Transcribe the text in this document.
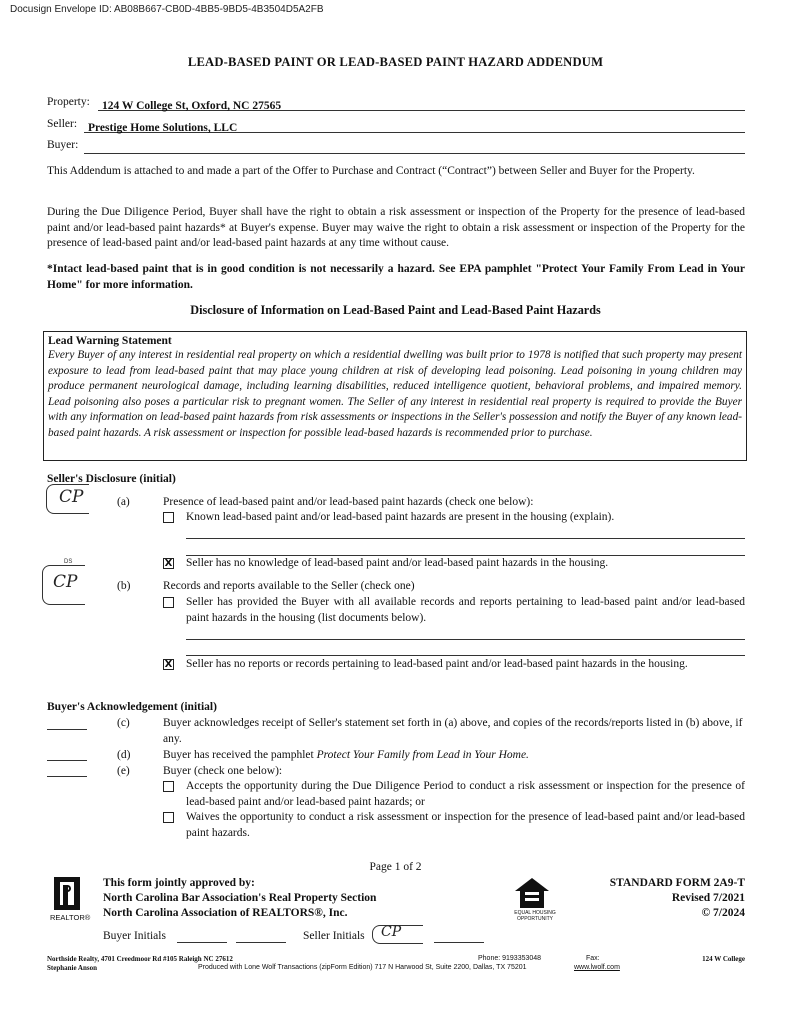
Docusign Envelope ID: AB08B667-CB0D-4BB5-9BD5-4B3504D5A2FB
LEAD-BASED PAINT OR LEAD-BASED PAINT HAZARD ADDENDUM
Property:	124 W College St, Oxford, NC 27565
Seller: Prestige Home Solutions, LLC
Buyer:
This Addendum is attached to and made a part of the Offer to Purchase and Contract (“Contract”) between Seller and Buyer for the Property.
During the Due Diligence Period, Buyer shall have the right to obtain a risk assessment or inspection of the Property for the presence of lead-based paint and/or lead-based paint hazards* at Buyer's expense. Buyer may waive the right to obtain a risk assessment or inspection of the Property for the presence of lead-based paint and/or lead-based paint hazards at any time without cause.
*Intact lead-based paint that is in good condition is not necessarily a hazard. See EPA pamphlet "Protect Your Family From Lead in Your Home" for more information.
Disclosure of Information on Lead-Based Paint and Lead-Based Paint Hazards
Lead Warning Statement
Every Buyer of any interest in residential real property on which a residential dwelling was built prior to 1978 is notified that such property may present exposure to lead from lead-based paint that may place young children at risk of developing lead poisoning. Lead poisoning in young children may produce permanent neurological damage, including learning disabilities, reduced intelligence quotient, behavioral problems, and impaired memory. Lead poisoning also poses a particular risk to pregnant women. The Seller of any interest in residential real property is required to provide the Buyer with any information on lead-based paint hazards from risk assessments or inspections in the Seller's possession and notify the Buyer of any known lead-based paint hazards. A risk assessment or inspection for possible lead-based hazards is recommended prior to purchase.
Seller's Disclosure (initial)
CP	(a)	Presence of lead-based paint and/or lead-based paint hazards (check one below):
Known lead-based paint and/or lead-based paint hazards are present in the housing (explain).
X Seller has no knowledge of lead-based paint and/or lead-based paint hazards in the housing.
DS
CP	(b)	Records and reports available to the Seller (check one)
Seller has provided the Buyer with all available records and reports pertaining to lead-based paint and/or lead-based paint hazards in the housing (list documents below).
X Seller has no reports or records pertaining to lead-based paint and/or lead-based paint hazards in the housing.
Buyer's Acknowledgement (initial)
(c)	Buyer acknowledges receipt of Seller's statement set forth in (a) above, and copies of the records/reports listed in (b) above, if any.
(d)	Buyer has received the pamphlet Protect Your Family from Lead in Your Home.
(e)	Buyer (check one below):
Accepts the opportunity during the Due Diligence Period to conduct a risk assessment or inspection for the presence of lead-based paint and/or lead-based paint hazards; or
Waives the opportunity to conduct a risk assessment or inspection for the presence of lead-based paint and/or lead-based paint hazards.
Page 1 of 2
REALTOR®
This form jointly approved by:
North Carolina Bar Association's Real Property Section
North Carolina Association of REALTORS®, Inc.	EQUAL HOUSING OPPORTUNITY
STANDARD FORM 2A9-T
Revised 7/2021
© 7/2024
Buyer Initials	Seller Initials CP
Northside Realty, 4701 Creedmoor Rd #105 Raleigh NC 27612
Stephanie Anson
Phone: 9193353048	Fax:	124 W College
Produced with Lone Wolf Transactions (zipForm Edition) 717 N Harwood St, Suite 2200, Dallas, TX 75201	www.lwolf.com
